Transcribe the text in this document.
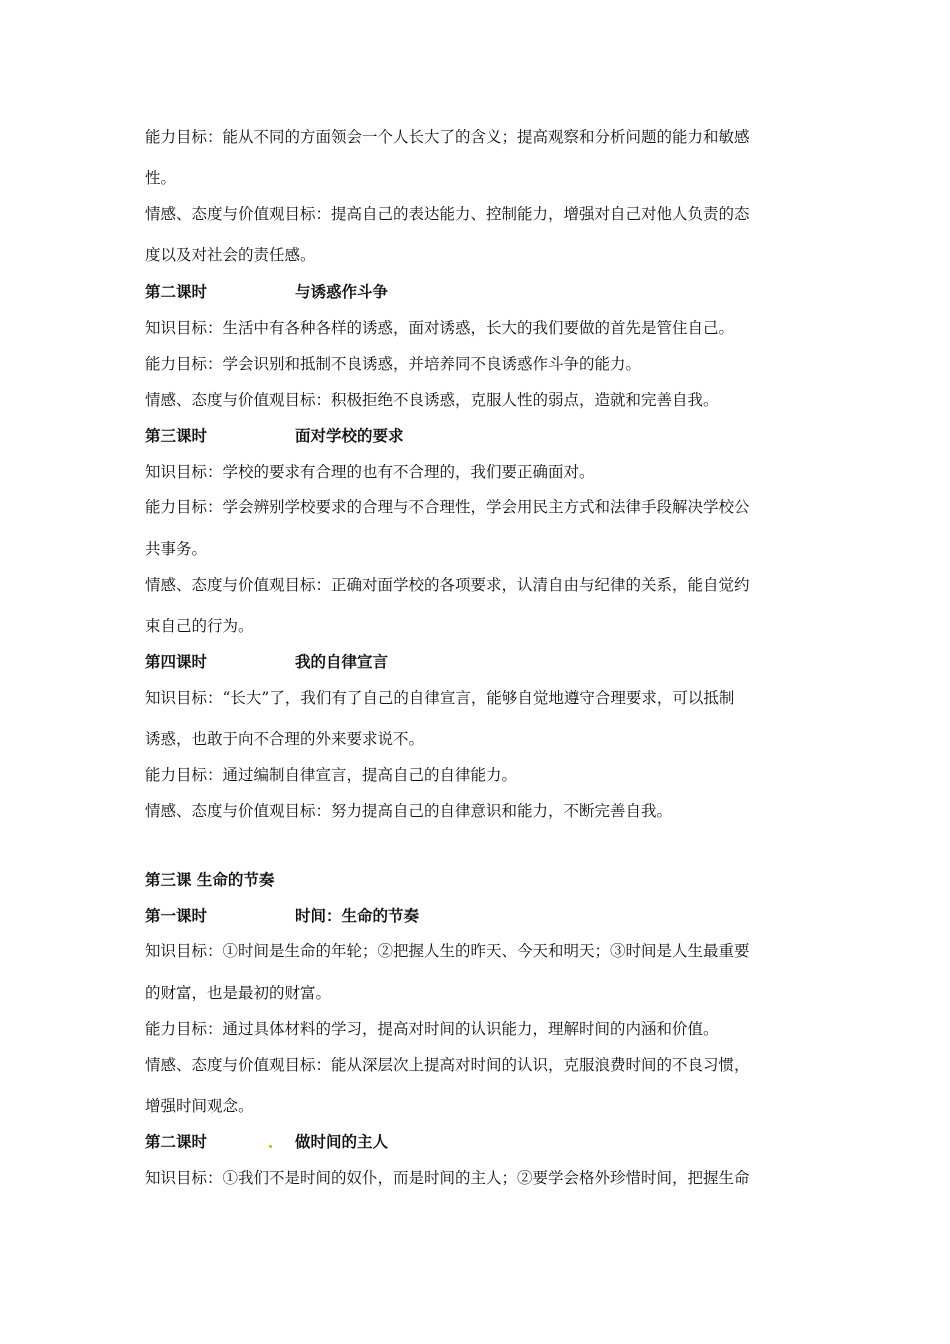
能力目标：能从不同的方面领会一个人长大了的含义；提高观察和分析问题的能力和敏感
性。
情感、态度与价值观目标：提高自己的表达能力、控制能力，增强对自己对他人负责的态
度以及对社会的责任感。
第二课时	与诱惑作斗争
知识目标：生活中有各种各样的诱惑，面对诱惑，长大的我们要做的首先是管住自己。
能力目标：学会识别和抵制不良诱惑，并培养同不良诱惑作斗争的能力。
情感、态度与价值观目标：积极拒绝不良诱惑，克服人性的弱点，造就和完善自我。
第三课时	面对学校的要求
知识目标：学校的要求有合理的也有不合理的，我们要正确面对。
能力目标：学会辨别学校要求的合理与不合理性，学会用民主方式和法律手段解决学校公
共事务。
情感、态度与价值观目标：正确对面学校的各项要求，认清自由与纪律的关系，能自觉约
束自己的行为。
第四课时	我的自律宣言
知识目标：“长大”了，我们有了自己的自律宣言，能够自觉地遵守合理要求，可以抵制
诱惑，也敢于向不合理的外来要求说不。
能力目标：通过编制自律宣言，提高自己的自律能力。
情感、态度与价值观目标：努力提高自己的自律意识和能力，不断完善自我。
第三课 生命的节奏
第一课时	时间：生命的节奏
知识目标：①时间是生命的年轮；②把握人生的昨天、今天和明天；③时间是人生最重要
的财富，也是最初的财富。
能力目标：通过具体材料的学习，提高对时间的认识能力，理解时间的内涵和价值。
情感、态度与价值观目标：能从深层次上提高对时间的认识，克服浪费时间的不良习惯，
增强时间观念。
第二课时	做时间的主人
知识目标：①我们不是时间的奴仆，而是时间的主人；②要学会格外珍惜时间，把握生命
